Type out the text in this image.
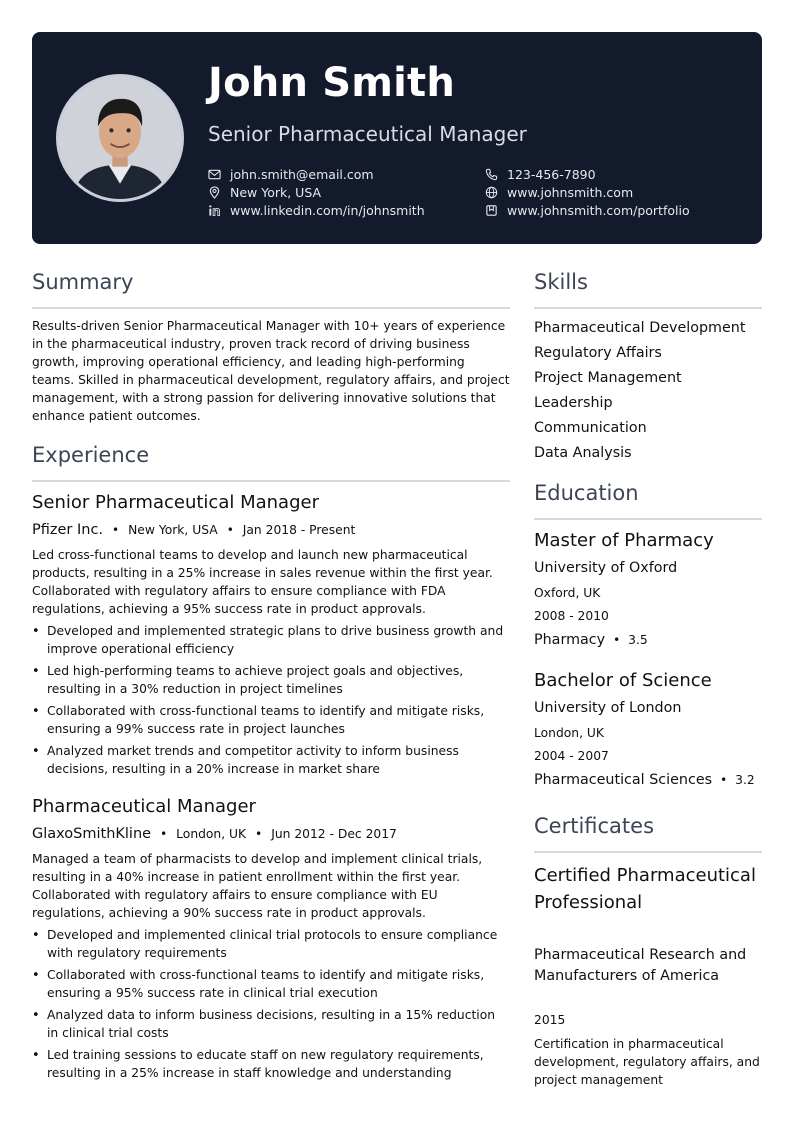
John Smith
Senior Pharmaceutical Manager
john.smith@email.com	123-456-7890
New York, USA	www.johnsmith.com
www.linkedin.com/in/johnsmith	www.johnsmith.com/portfolio
Summary
Results-driven Senior Pharmaceutical Manager with 10+ years of experience in the pharmaceutical industry, proven track record of driving business growth, improving operational efficiency, and leading high-performing teams. Skilled in pharmaceutical development, regulatory affairs, and project management, with a strong passion for delivering innovative solutions that enhance patient outcomes.
Experience
Senior Pharmaceutical Manager
Pfizer Inc. • New York, USA • Jan 2018 - Present
Led cross-functional teams to develop and launch new pharmaceutical products, resulting in a 25% increase in sales revenue within the first year. Collaborated with regulatory affairs to ensure compliance with FDA regulations, achieving a 95% success rate in product approvals.
• Developed and implemented strategic plans to drive business growth and improve operational efficiency
• Led high-performing teams to achieve project goals and objectives, resulting in a 30% reduction in project timelines
• Collaborated with cross-functional teams to identify and mitigate risks, ensuring a 99% success rate in project launches
• Analyzed market trends and competitor activity to inform business decisions, resulting in a 20% increase in market share
Pharmaceutical Manager
GlaxoSmithKline • London, UK • Jun 2012 - Dec 2017
Managed a team of pharmacists to develop and implement clinical trials, resulting in a 40% increase in patient enrollment within the first year. Collaborated with regulatory affairs to ensure compliance with EU regulations, achieving a 90% success rate in product approvals.
• Developed and implemented clinical trial protocols to ensure compliance with regulatory requirements
• Collaborated with cross-functional teams to identify and mitigate risks, ensuring a 95% success rate in clinical trial execution
• Analyzed data to inform business decisions, resulting in a 15% reduction in clinical trial costs
• Led training sessions to educate staff on new regulatory requirements, resulting in a 25% increase in staff knowledge and understanding
Skills
Pharmaceutical Development
Regulatory Affairs
Project Management
Leadership
Communication
Data Analysis
Education
Master of Pharmacy
University of Oxford
Oxford, UK
2008 - 2010
Pharmacy • 3.5
Bachelor of Science
University of London
London, UK
2004 - 2007
Pharmaceutical Sciences • 3.2
Certificates
Certified Pharmaceutical Professional
Pharmaceutical Research and Manufacturers of America
2015
Certification in pharmaceutical development, regulatory affairs, and project management
